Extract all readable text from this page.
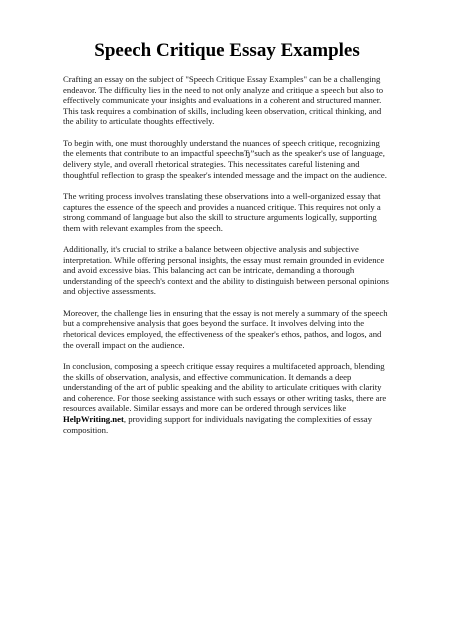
Speech Critique Essay Examples

Crafting an essay on the subject of "Speech Critique Essay Examples" can be a challenging endeavor. The difficulty lies in the need to not only analyze and critique a speech but also to effectively communicate your insights and evaluations in a coherent and structured manner. This task requires a combination of skills, including keen observation, critical thinking, and the ability to articulate thoughts effectively.

To begin with, one must thoroughly understand the nuances of speech critique, recognizing the elements that contribute to an impactful speechвЂ”such as the speaker's use of language, delivery style, and overall rhetorical strategies. This necessitates careful listening and thoughtful reflection to grasp the speaker's intended message and the impact on the audience.

The writing process involves translating these observations into a well-organized essay that captures the essence of the speech and provides a nuanced critique. This requires not only a strong command of language but also the skill to structure arguments logically, supporting them with relevant examples from the speech.

Additionally, it's crucial to strike a balance between objective analysis and subjective interpretation. While offering personal insights, the essay must remain grounded in evidence and avoid excessive bias. This balancing act can be intricate, demanding a thorough understanding of the speech's context and the ability to distinguish between personal opinions and objective assessments.

Moreover, the challenge lies in ensuring that the essay is not merely a summary of the speech but a comprehensive analysis that goes beyond the surface. It involves delving into the rhetorical devices employed, the effectiveness of the speaker's ethos, pathos, and logos, and the overall impact on the audience.

In conclusion, composing a speech critique essay requires a multifaceted approach, blending the skills of observation, analysis, and effective communication. It demands a deep understanding of the art of public speaking and the ability to articulate critiques with clarity and coherence. For those seeking assistance with such essays or other writing tasks, there are resources available. Similar essays and more can be ordered through services like HelpWriting.net, providing support for individuals navigating the complexities of essay composition.
